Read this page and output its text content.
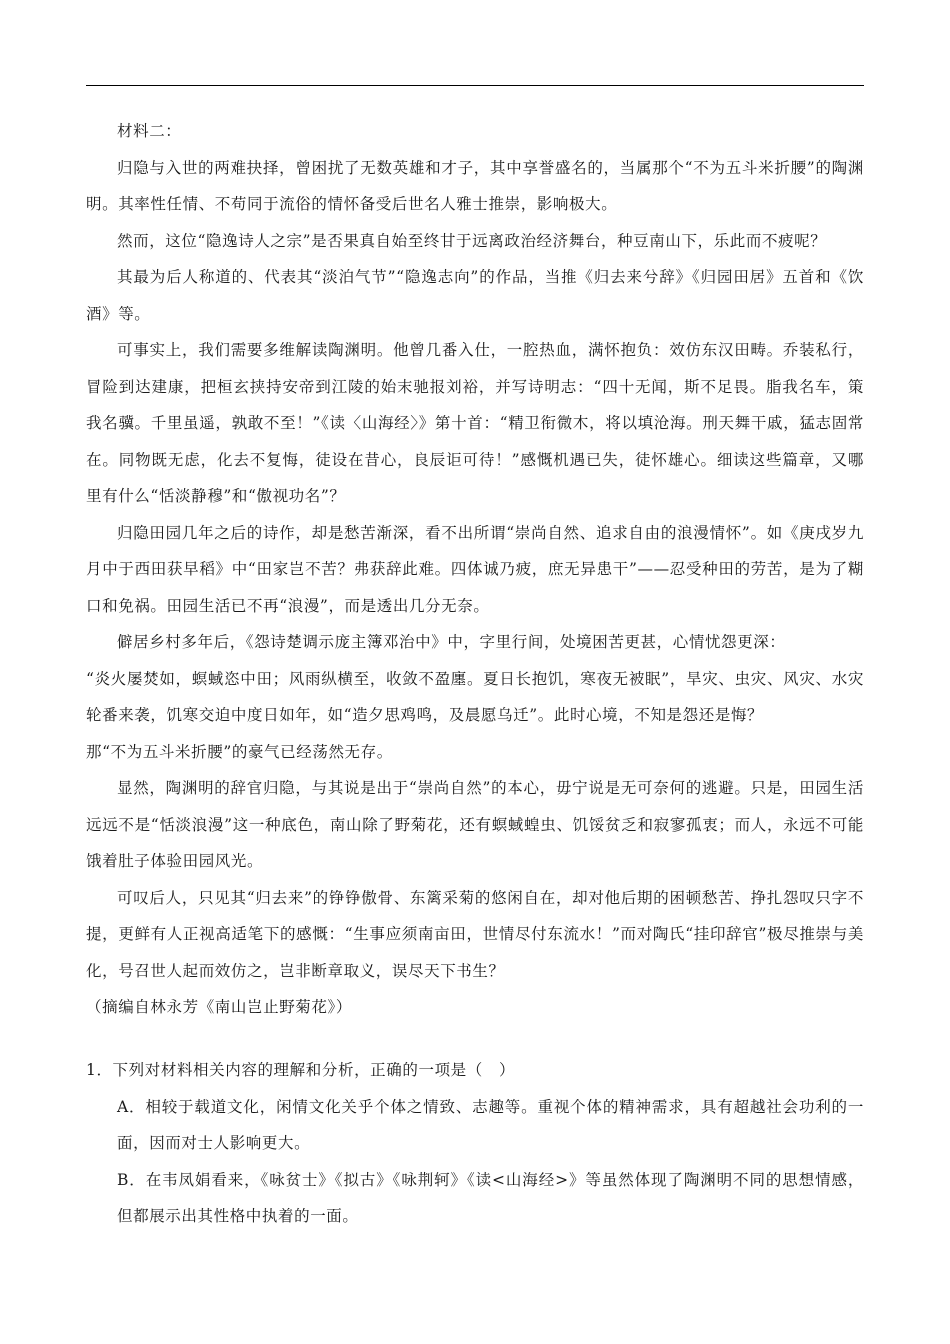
材料二：

归隐与入世的两难抉择，曾困扰了无数英雄和才子，其中享誉盛名的，当属那个“不为五斗米折腰”的陶渊明。其率性任情、不苟同于流俗的情怀备受后世名人雅士推崇，影响极大。

然而，这位“隐逸诗人之宗”是否果真自始至终甘于远离政治经济舞台，种豆南山下，乐此而不疲呢？

其最为后人称道的、代表其“淡泊气节”“隐逸志向”的作品，当推《归去来兮辞》《归园田居》五首和《饮酒》等。

可事实上，我们需要多维解读陶渊明。他曾几番入仕，一腔热血，满怀抱负：效仿东汉田畴。乔装私行，冒险到达建康，把桓玄挟持安帝到江陵的始末驰报刘裕，并写诗明志：“四十无闻，斯不足畏。脂我名车，策我名骥。千里虽遥，孰敢不至！”《读〈山海经〉》第十首：“精卫衔微木，将以填沧海。刑天舞干戚，猛志固常在。同物既无虑，化去不复悔，徒设在昔心，良辰讵可待！”感慨机遇已失，徒怀雄心。细读这些篇章，又哪里有什么“恬淡静穆”和“傲视功名”？

归隐田园几年之后的诗作，却是愁苦渐深，看不出所谓“崇尚自然、追求自由的浪漫情怀”。如《庚戌岁九月中于西田获早稻》中“田家岂不苦？弗获辞此难。四体诚乃疲，庶无异患干”——忍受种田的劳苦，是为了糊口和免祸。田园生活已不再“浪漫”，而是透出几分无奈。

僻居乡村多年后，《怨诗楚调示庞主簿邓治中》中，字里行间，处境困苦更甚，心情忧怨更深：

“炎火屡焚如，螟蜮恣中田；风雨纵横至，收敛不盈廛。夏日长抱饥，寒夜无被眠”，旱灾、虫灾、风灾、水灾轮番来袭，饥寒交迫中度日如年，如“造夕思鸡鸣，及晨愿乌迁”。此时心境，不知是怨还是悔？

那“不为五斗米折腰”的豪气已经荡然无存。

显然，陶渊明的辞官归隐，与其说是出于“崇尚自然”的本心，毋宁说是无可奈何的逃避。只是，田园生活远远不是“恬淡浪漫”这一种底色，南山除了野菊花，还有螟蜮蝗虫、饥馁贫乏和寂寥孤衷；而人，永远不可能饿着肚子体验田园风光。

可叹后人，只见其“归去来”的铮铮傲骨、东篱采菊的悠闲自在，却对他后期的困顿愁苦、挣扎怨叹只字不提，更鲜有人正视高适笔下的感慨：“生事应须南亩田，世情尽付东流水！”而对陶氏“挂印辞官”极尽推崇与美化，号召世人起而效仿之，岂非断章取义，误尽天下书生？

（摘编自林永芳《南山岂止野菊花》）

1．下列对材料相关内容的理解和分析，正确的一项是（　）

A．相较于载道文化，闲情文化关乎个体之情致、志趣等。重视个体的精神需求，具有超越社会功利的一面，因而对士人影响更大。

B．在韦凤娟看来，《咏贫士》《拟古》《咏荆轲》《读<山海经>》等虽然体现了陶渊明不同的思想情感，但都展示出其性格中执着的一面。
